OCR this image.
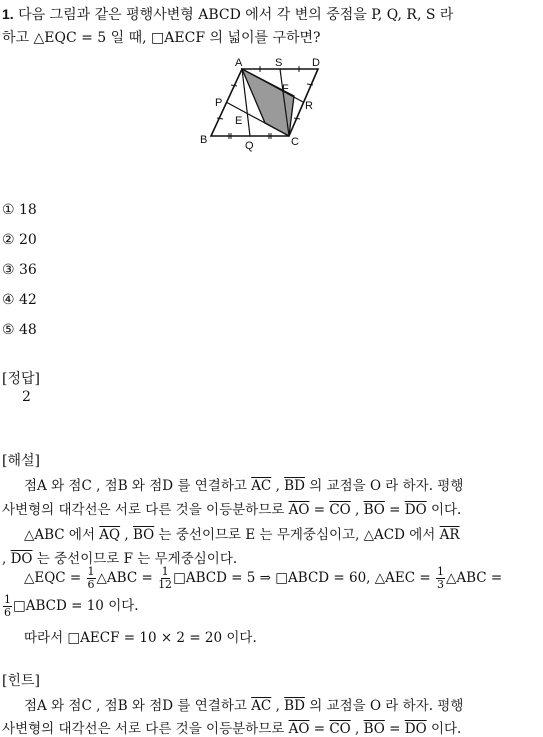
1. 다음 그림과 같은 평행사변형 ABCD 에서 각 변의 중점을 P, Q, R, S 라
하고 △EQC = 5 일 때, □AECF 의 넓이를 구하면?
A	S	D
P
F
R
E
B	Q	C
① 18
② 20
③ 36
④ 42
⑤ 48
[정답]
2
[해설]
점A 와 점C , 점B 와 점D 를 연결하고 $\overline{AC}$ , $\overline{BD}$ 의 교점을 O 라 하자. 평행
사변형의 대각선은 서로 다른 것을 이등분하므로 $\overline{AO} = \overline{CO}$ , $\overline{BO} = \overline{DO}$ 이다.
△ABC 에서 $\overline{AQ}$ , $\overline{BO}$ 는 중선이므로 E 는 무게중심이고, △ACD 에서 $\overline{AR}$
, $\overline{DO}$ 는 중선이므로 F 는 무게중심이다.
△EQC = $\frac{1}{6}$ △ABC = $\frac{1}{12}$ □ABCD = 5 ⇒ □ABCD = 60, △AEC = $\frac{1}{3}$ △ABC =
$\frac{1}{6}$ □ABCD = 10 이다.
따라서 □AECF = 10 × 2 = 20 이다.
[힌트]
점A 와 점C , 점B 와 점D 를 연결하고 $\overline{AC}$ , $\overline{BD}$ 의 교점을 O 라 하자. 평행
사변형의 대각선은 서로 다른 것을 이등분하므로 $\overline{AO} = \overline{CO}$ , $\overline{BO} = \overline{DO}$ 이다.
